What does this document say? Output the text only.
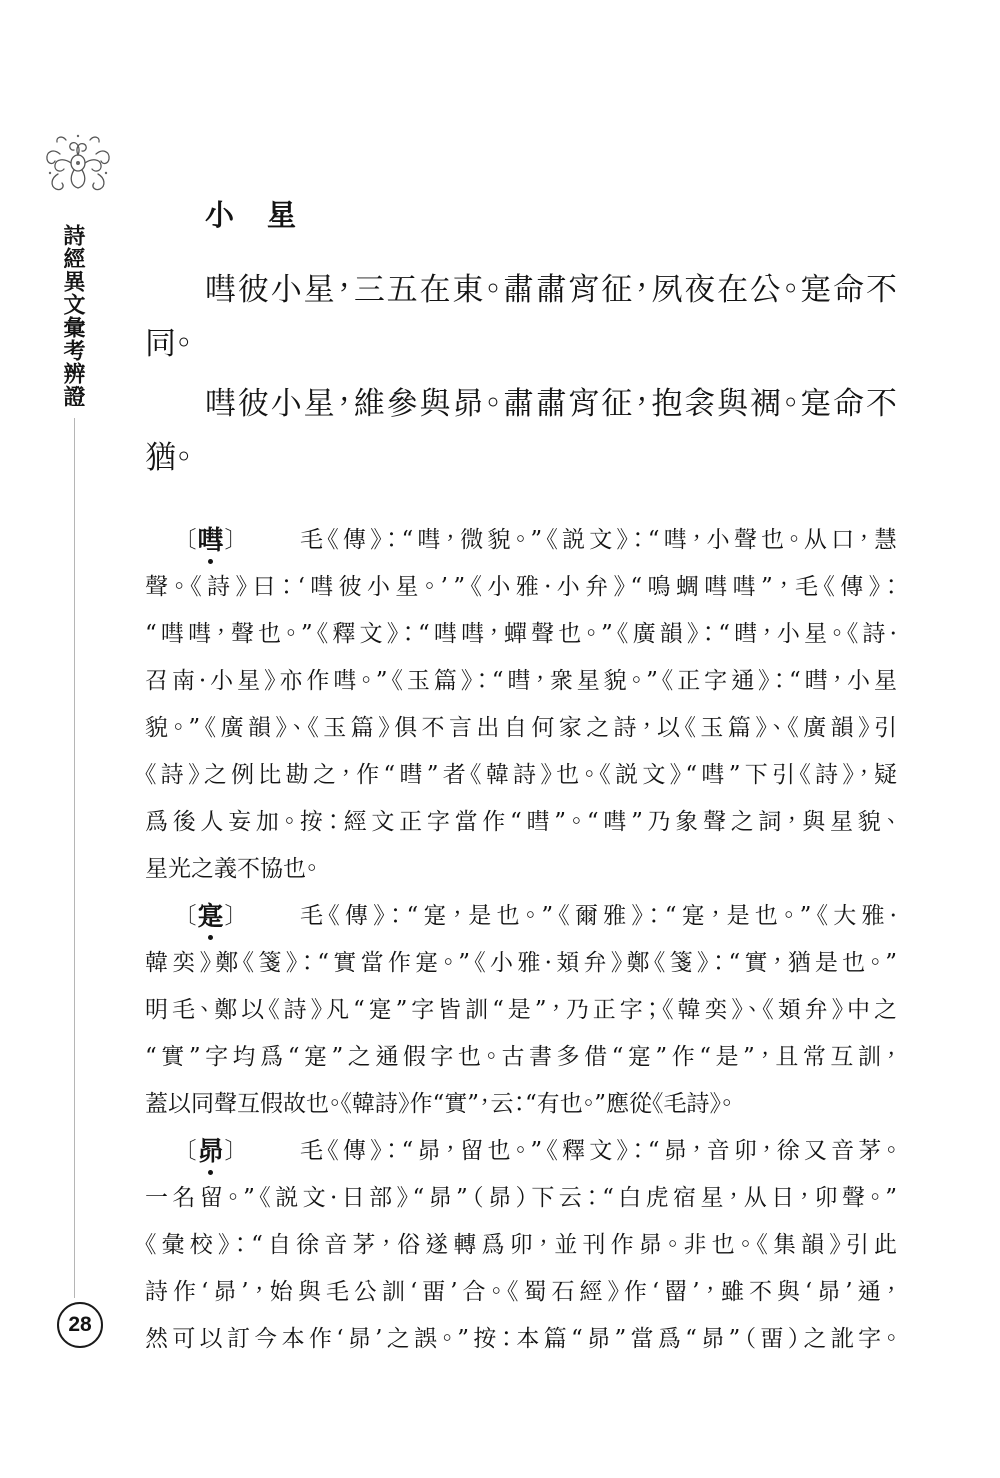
詩經異文彙考辨證
28
小星
嘒彼小星，三五在東。肅肅宵征，夙夜在公。寔命不
同。
嘒彼小星，維參與昴。肅肅宵征，抱衾與裯。寔命不
猶。
〔 嘒 〕	毛《傳》：“嘒，微貌。”《説文》：“嘒，小聲也。从口，慧
聲。《詩》曰：‘嘒彼小星。’”《小雅·小弁》“鳴蜩嘒嘒”，毛《傳》：
“嘒嘒，聲也。”《釋文》：“嘒嘒，蟬聲也。”《廣韻》：“暳，小星。《詩·
召南·小星》亦作嘒。”《玉篇》：“暳，衆星貌。”《正字通》：“暳，小星
貌。”《廣韻》、《玉篇》俱不言出自何家之詩，以《玉篇》、《廣韻》引
《詩》之例比勘之，作“暳”者《韓詩》也。《説文》“嘒”下引《詩》，疑
爲後人妄加。按：經文正字當作“暳”。“嘒”乃象聲之詞，與星貌、
星光之義不協也。
〔 寔 〕	毛《傳》：“寔，是也。”《爾雅》：“寔，是也。”《大雅·
韓奕》鄭《箋》：“實當作寔。”《小雅·頍弁》鄭《箋》：“實，猶是也。”
明毛、鄭以《詩》凡“寔”字皆訓“是”，乃正字；《韓奕》、《頍弁》中之
“實”字均爲“寔”之通假字也。古書多借“寔”作“是”，且常互訓，
蓋以同聲互假故也。《韓詩》作“實”，云：“有也。”應從《毛詩》。
〔 昴 〕	毛《傳》：“昴，留也。”《釋文》：“昴，音卯，徐又音茅。
一名留。”《説文·日部》“昴”（昴）下云：“白虎宿星，从日，卯聲。”
《彙校》：“自徐音茅，俗遂轉爲卯，並刊作昴。非也。《集韻》引此
詩作‘昴’，始與毛公訓‘畱’合。《蜀石經》作‘罶’，雖不與‘昴’通，
然可以訂今本作‘昴’之誤。”按：本篇“昴”當爲“昴”（畱）之訛字。
